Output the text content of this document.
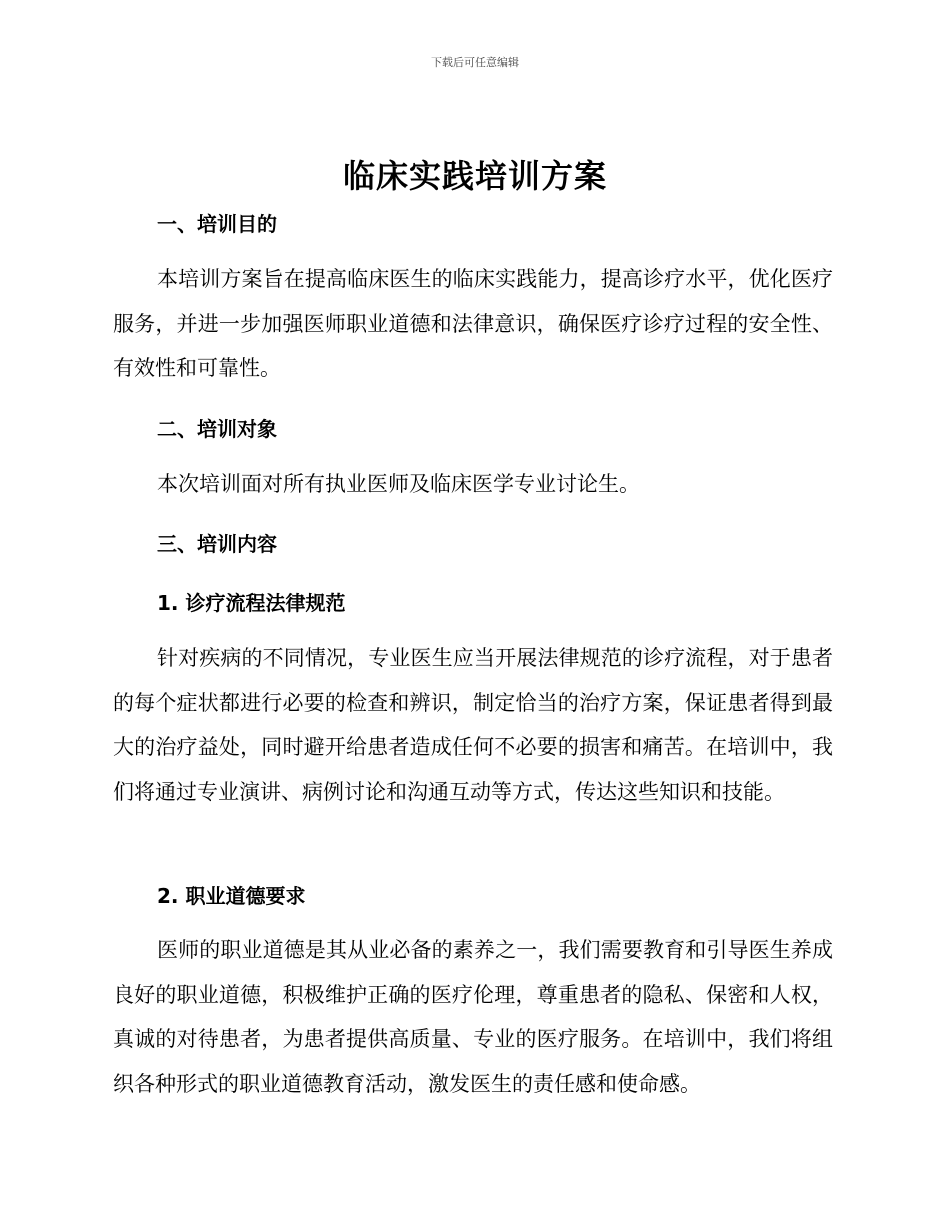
下载后可任意编辑
临床实践培训方案
一、培训目的

本培训方案旨在提高临床医生的临床实践能力，提高诊疗水平，优化医疗服务，并进一步加强医师职业道德和法律意识，确保医疗诊疗过程的安全性、有效性和可靠性。

二、培训对象

本次培训面对所有执业医师及临床医学专业讨论生。

三、培训内容
1. 诊疗流程法律规范

针对疾病的不同情况，专业医生应当开展法律规范的诊疗流程，对于患者的每个症状都进行必要的检查和辨识，制定恰当的治疗方案，保证患者得到最大的治疗益处，同时避开给患者造成任何不必要的损害和痛苦。在培训中，我们将通过专业演讲、病例讨论和沟通互动等方式，传达这些知识和技能。

2. 职业道德要求

医师的职业道德是其从业必备的素养之一，我们需要教育和引导医生养成良好的职业道德，积极维护正确的医疗伦理，尊重患者的隐私、保密和人权，真诚的对待患者，为患者提供高质量、专业的医疗服务。在培训中，我们将组织各种形式的职业道德教育活动，激发医生的责任感和使命感。
